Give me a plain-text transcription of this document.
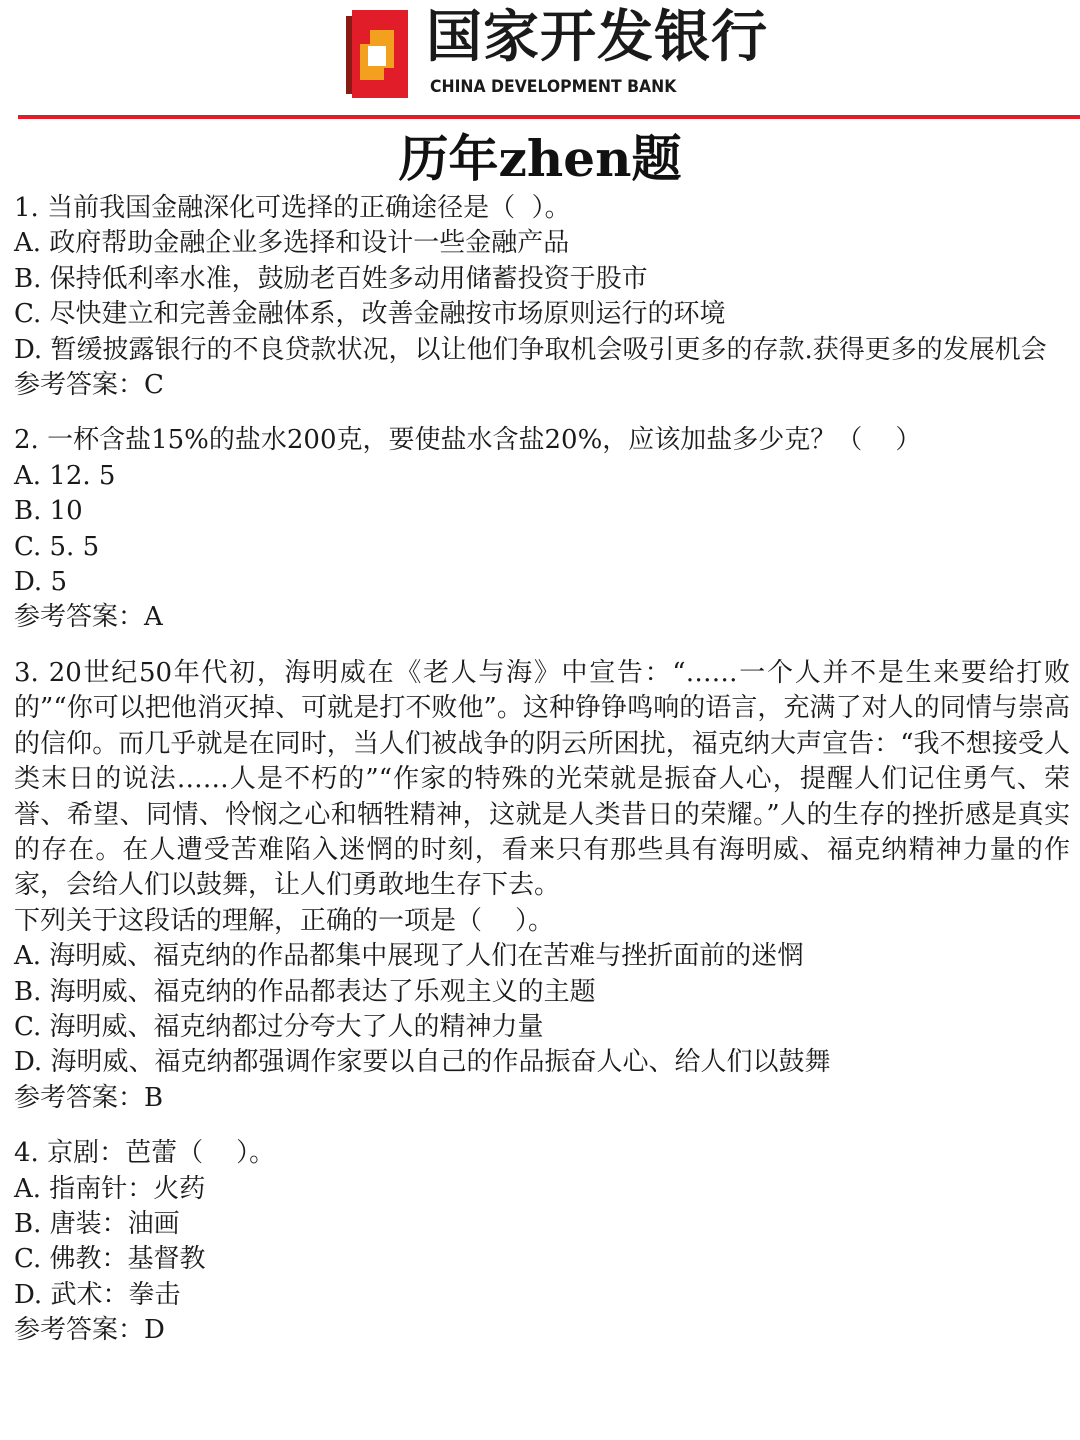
国家开发银行
CHINA DEVELOPMENT BANK
历年zhen题
1. 当前我国金融深化可选择的正确途径是（  ）。
A. 政府帮助金融企业多选择和设计一些金融产品
B. 保持低利率水准，鼓励老百姓多动用储蓄投资于股市
C. 尽快建立和完善金融体系，改善金融按市场原则运行的环境
D. 暂缓披露银行的不良贷款状况，以让他们争取机会吸引更多的存款.获得更多的发展机会
参考答案：C
2. 一杯含盐15%的盐水200克，要使盐水含盐20%，应该加盐多少克？（    ）
A. 12. 5
B. 10
C. 5. 5
D. 5
参考答案：A
3. 20世纪50年代初，海明威在《老人与海》中宣告：“……一个人并不是生来要给打败的”“你可以把他消灭掉、可就是打不败他”。这种铮铮鸣响的语言，充满了对人的同情与崇高的信仰。而几乎就是在同时，当人们被战争的阴云所困扰，福克纳大声宣告：“我不想接受人类末日的说法……人是不朽的”“作家的特殊的光荣就是振奋人心，提醒人们记住勇气、荣誉、希望、同情、怜悯之心和牺牲精神，这就是人类昔日的荣耀。”人的生存的挫折感是真实的存在。在人遭受苦难陷入迷惘的时刻，看来只有那些具有海明威、福克纳精神力量的作家，会给人们以鼓舞，让人们勇敢地生存下去。
下列关于这段话的理解，正确的一项是（    ）。
A. 海明威、福克纳的作品都集中展现了人们在苦难与挫折面前的迷惘
B. 海明威、福克纳的作品都表达了乐观主义的主题
C. 海明威、福克纳都过分夸大了人的精神力量
D. 海明威、福克纳都强调作家要以自己的作品振奋人心、给人们以鼓舞
参考答案：B
4. 京剧：芭蕾（    ）。
A. 指南针：火药
B. 唐装：油画
C. 佛教：基督教
D. 武术：拳击
参考答案：D
